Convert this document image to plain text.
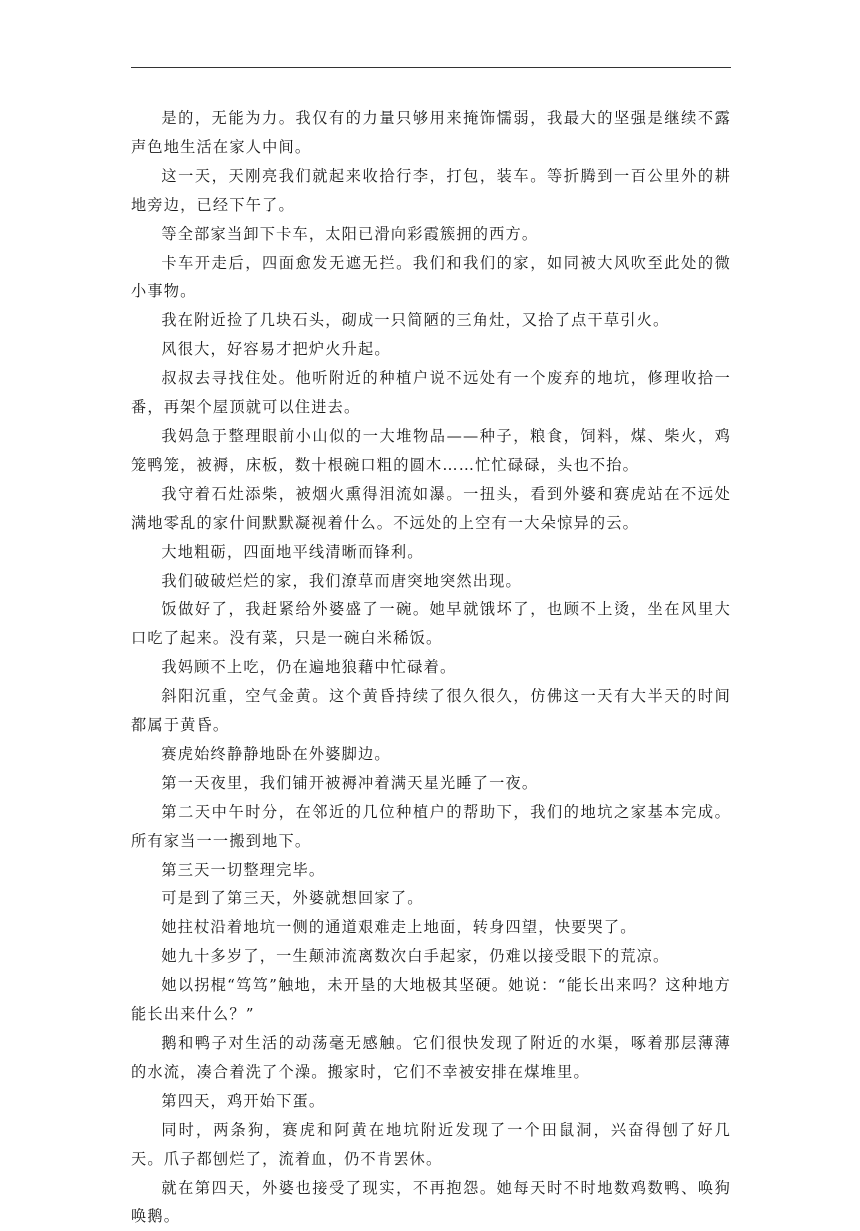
是的，无能为力。我仅有的力量只够用来掩饰懦弱，我最大的坚强是继续不露声色地生活在家人中间。

这一天，天刚亮我们就起来收拾行李，打包，装车。等折腾到一百公里外的耕地旁边，已经下午了。

等全部家当卸下卡车，太阳已滑向彩霞簇拥的西方。

卡车开走后，四面愈发无遮无拦。我们和我们的家，如同被大风吹至此处的微小事物。

我在附近捡了几块石头，砌成一只简陋的三角灶，又拾了点干草引火。

风很大，好容易才把炉火升起。

叔叔去寻找住处。他听附近的种植户说不远处有一个废弃的地坑，修理收拾一番，再架个屋顶就可以住进去。

我妈急于整理眼前小山似的一大堆物品——种子，粮食，饲料，煤、柴火，鸡笼鸭笼，被褥，床板，数十根碗口粗的圆木……忙忙碌碌，头也不抬。

我守着石灶添柴，被烟火熏得泪流如瀑。一扭头，看到外婆和赛虎站在不远处满地零乱的家什间默默凝视着什么。不远处的上空有一大朵惊异的云。

大地粗砺，四面地平线清晰而锋利。

我们破破烂烂的家，我们潦草而唐突地突然出现。

饭做好了，我赶紧给外婆盛了一碗。她早就饿坏了，也顾不上烫，坐在风里大口吃了起来。没有菜，只是一碗白米稀饭。

我妈顾不上吃，仍在遍地狼藉中忙碌着。

斜阳沉重，空气金黄。这个黄昏持续了很久很久，仿佛这一天有大半天的时间都属于黄昏。

赛虎始终静静地卧在外婆脚边。

第一天夜里，我们铺开被褥冲着满天星光睡了一夜。

第二天中午时分，在邻近的几位种植户的帮助下，我们的地坑之家基本完成。所有家当一一搬到地下。

第三天一切整理完毕。

可是到了第三天，外婆就想回家了。

她拄杖沿着地坑一侧的通道艰难走上地面，转身四望，快要哭了。

她九十多岁了，一生颠沛流离数次白手起家，仍难以接受眼下的荒凉。

她以拐棍“笃笃”触地，未开垦的大地极其坚硬。她说：“能长出来吗？这种地方能长出来什么？”

鹅和鸭子对生活的动荡毫无感触。它们很快发现了附近的水渠，啄着那层薄薄的水流，凑合着洗了个澡。搬家时，它们不幸被安排在煤堆里。

第四天，鸡开始下蛋。

同时，两条狗，赛虎和阿黄在地坑附近发现了一个田鼠洞，兴奋得刨了好几天。爪子都刨烂了，流着血，仍不肯罢休。

就在第四天，外婆也接受了现实，不再抱怨。她每天时不时地数鸡数鸭、唤狗唤鹅。
